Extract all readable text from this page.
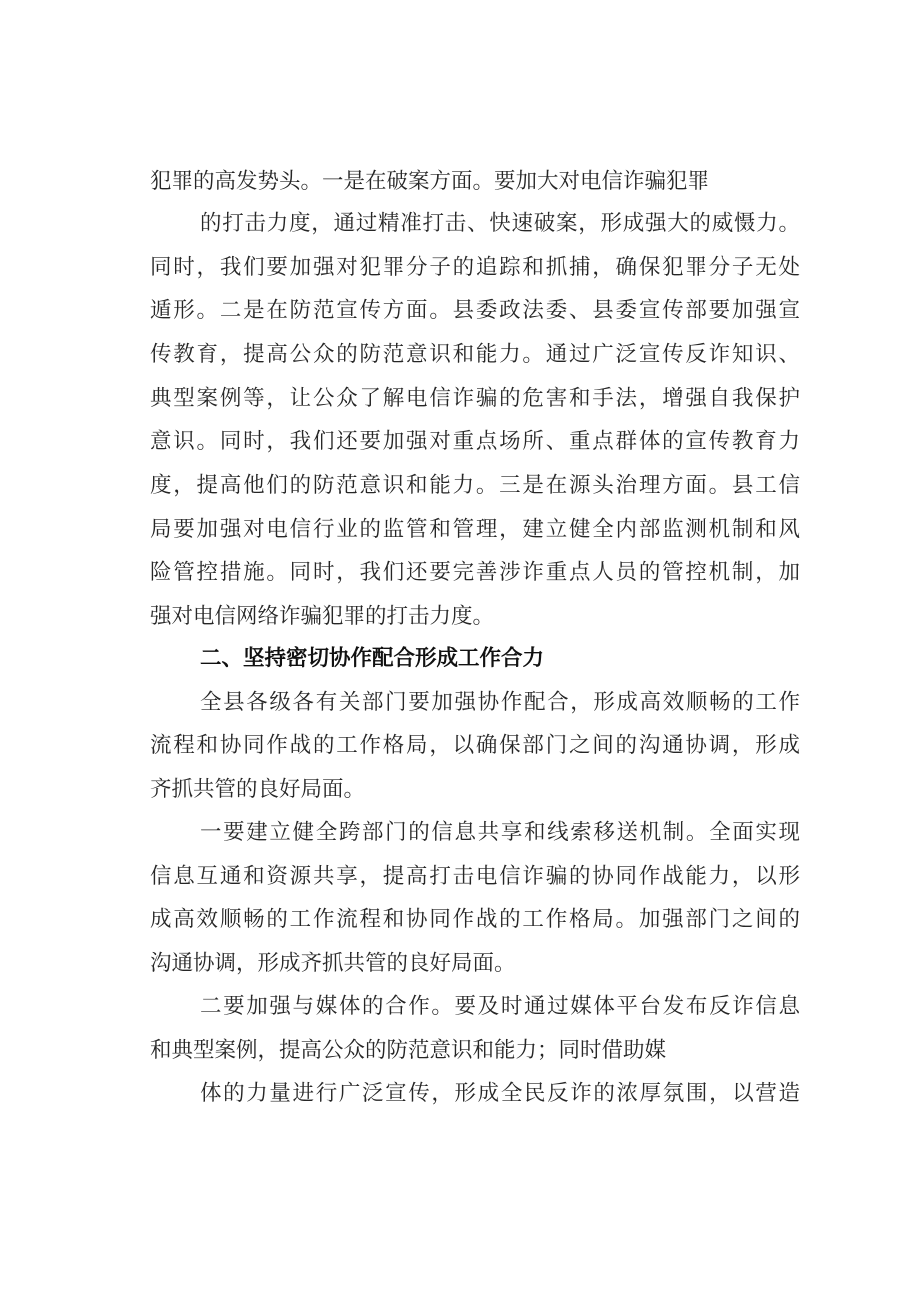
犯罪的高发势头。一是在破案方面。要加大对电信诈骗犯罪
的打击力度，通过精准打击、快速破案，形成强大的威慑力。
同时，我们要加强对犯罪分子的追踪和抓捕，确保犯罪分子无处
遁形。二是在防范宣传方面。县委政法委、县委宣传部要加强宣
传教育，提高公众的防范意识和能力。通过广泛宣传反诈知识、
典型案例等，让公众了解电信诈骗的危害和手法，增强自我保护
意识。同时，我们还要加强对重点场所、重点群体的宣传教育力
度，提高他们的防范意识和能力。三是在源头治理方面。县工信
局要加强对电信行业的监管和管理，建立健全内部监测机制和风
险管控措施。同时，我们还要完善涉诈重点人员的管控机制，加
强对电信网络诈骗犯罪的打击力度。
二、坚持密切协作配合形成工作合力
全县各级各有关部门要加强协作配合，形成高效顺畅的工作
流程和协同作战的工作格局，以确保部门之间的沟通协调，形成
齐抓共管的良好局面。
一要建立健全跨部门的信息共享和线索移送机制。全面实现
信息互通和资源共享，提高打击电信诈骗的协同作战能力，以形
成高效顺畅的工作流程和协同作战的工作格局。加强部门之间的
沟通协调，形成齐抓共管的良好局面。
二要加强与媒体的合作。要及时通过媒体平台发布反诈信息
和典型案例，提高公众的防范意识和能力；同时借助媒
体的力量进行广泛宣传，形成全民反诈的浓厚氛围，以营造
